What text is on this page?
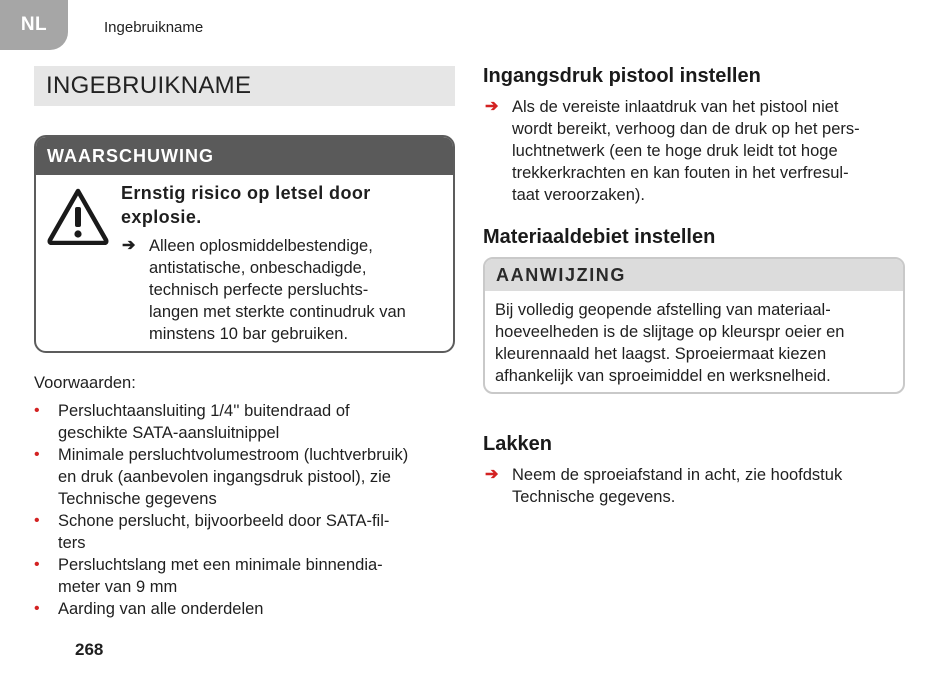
NL	Ingebruikname
INGEBRUIKNAME
WAARSCHUWING
Ernstig risico op letsel door explosie.
➔ Alleen oplosmiddelbestendige,
antistatische, onbeschadigde,
technisch perfecte persluchts-
langen met sterkte continudruk van
minstens 10 bar gebruiken.
Voorwaarden:
• Persluchtaansluiting 1/4'' buitendraad of
geschikte SATA-aansluitnippel
• Minimale persluchtvolumestroom (luchtverbruik)
en druk (aanbevolen ingangsdruk pistool), zie
Technische gegevens
• Schone perslucht, bijvoorbeeld door SATA-fil-
ters
• Persluchtslang met een minimale binnendia-
meter van 9 mm
• Aarding van alle onderdelen
268
Ingangsdruk pistool instellen
➔ Als de vereiste inlaatdruk van het pistool niet
wordt bereikt, verhoog dan de druk op het pers-
luchtnetwerk (een te hoge druk leidt tot hoge
trekkerkrachten en kan fouten in het verfresul-
taat veroorzaken).
Materiaaldebiet instellen
AANWIJZING
Bij volledig geopende afstelling van materiaal-
hoeveelheden is de slijtage op kleurspr oeier en
kleurennaald het laagst. Sproeiermaat kiezen
afhankelijk van sproeimiddel en werksnelheid.
Lakken
➔ Neem de sproeiafstand in acht, zie hoofdstuk
Technische gegevens.
